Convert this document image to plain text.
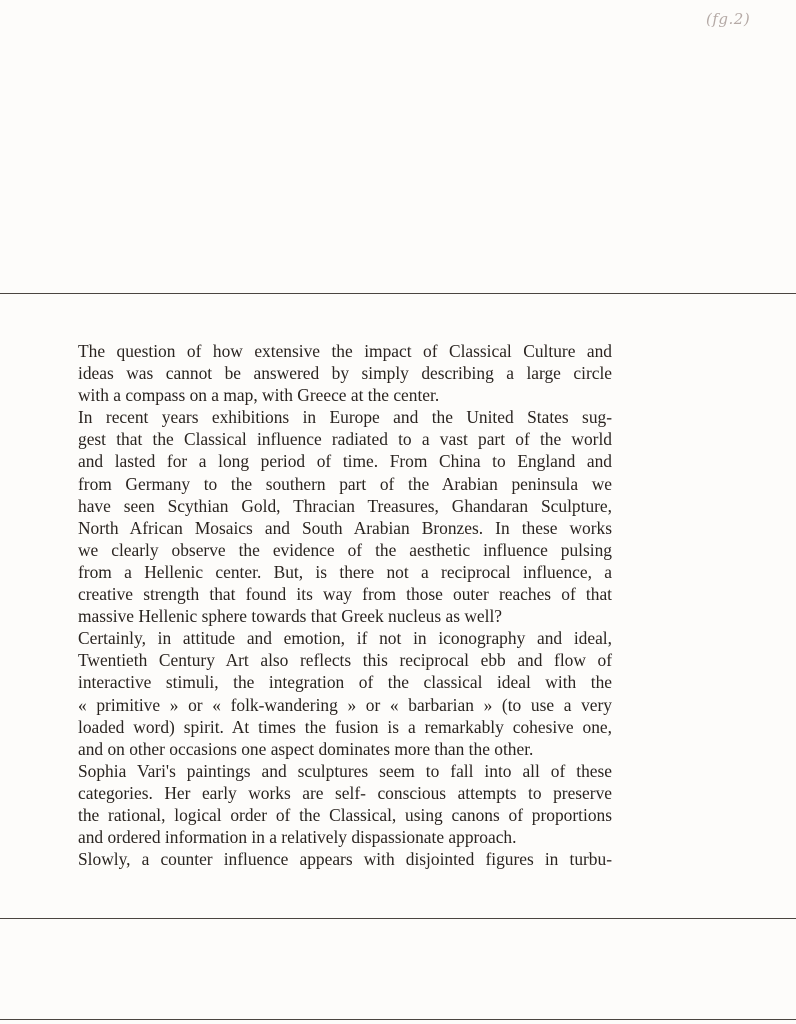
(fg.2)
The question of how extensive the impact of Classical Culture and
ideas was cannot be answered by simply describing a large circle
with a compass on a map, with Greece at the center.
In recent years exhibitions in Europe and the United States sug-
gest that the Classical influence radiated to a vast part of the world
and lasted for a long period of time. From China to England and
from Germany to the southern part of the Arabian peninsula we
have seen Scythian Gold, Thracian Treasures, Ghandaran Sculpture,
North African Mosaics and South Arabian Bronzes. In these works
we clearly observe the evidence of the aesthetic influence pulsing
from a Hellenic center. But, is there not a reciprocal influence, a
creative strength that found its way from those outer reaches of that
massive Hellenic sphere towards that Greek nucleus as well?
Certainly, in attitude and emotion, if not in iconography and ideal,
Twentieth Century Art also reflects this reciprocal ebb and flow of
interactive stimuli, the integration of the classical ideal with the
« primitive » or « folk-wandering » or « barbarian » (to use a very
loaded word) spirit. At times the fusion is a remarkably cohesive one,
and on other occasions one aspect dominates more than the other.
Sophia Vari's paintings and sculptures seem to fall into all of these
categories. Her early works are self- conscious attempts to preserve
the rational, logical order of the Classical, using canons of proportions
and ordered information in a relatively dispassionate approach.
Slowly, a counter influence appears with disjointed figures in turbu-
